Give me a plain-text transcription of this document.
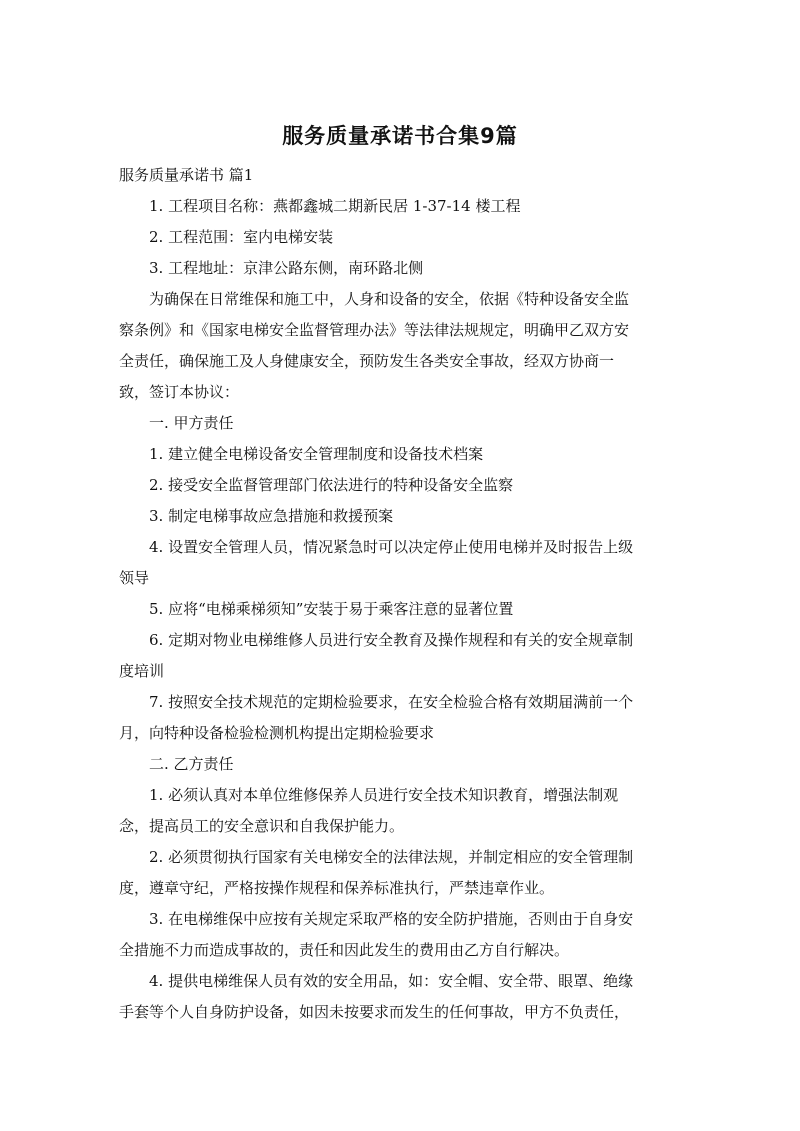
服务质量承诺书合集9篇

服务质量承诺书 篇1

1. 工程项目名称：燕都鑫城二期新民居 1-37-14 楼工程

2. 工程范围：室内电梯安装

3. 工程地址：京津公路东侧，南环路北侧

为确保在日常维保和施工中，人身和设备的安全，依据《特种设备安全监

察条例》和《国家电梯安全监督管理办法》等法律法规规定，明确甲乙双方安

全责任，确保施工及人身健康安全，预防发生各类安全事故，经双方协商一

致，签订本协议：

一. 甲方责任

1. 建立健全电梯设备安全管理制度和设备技术档案

2. 接受安全监督管理部门依法进行的特种设备安全监察

3. 制定电梯事故应急措施和救援预案

4. 设置安全管理人员，情况紧急时可以决定停止使用电梯并及时报告上级

领导

5. 应将“电梯乘梯须知”安装于易于乘客注意的显著位置

6. 定期对物业电梯维修人员进行安全教育及操作规程和有关的安全规章制

度培训

7. 按照安全技术规范的定期检验要求，在安全检验合格有效期届满前一个

月，向特种设备检验检测机构提出定期检验要求

二. 乙方责任

1. 必须认真对本单位维修保养人员进行安全技术知识教育，增强法制观

念，提高员工的安全意识和自我保护能力。

2. 必须贯彻执行国家有关电梯安全的法律法规，并制定相应的安全管理制

度，遵章守纪，严格按操作规程和保养标准执行，严禁违章作业。

3. 在电梯维保中应按有关规定采取严格的安全防护措施，否则由于自身安

全措施不力而造成事故的，责任和因此发生的费用由乙方自行解决。

4. 提供电梯维保人员有效的安全用品，如：安全帽、安全带、眼罩、绝缘

手套等个人自身防护设备，如因未按要求而发生的任何事故，甲方不负责任，
